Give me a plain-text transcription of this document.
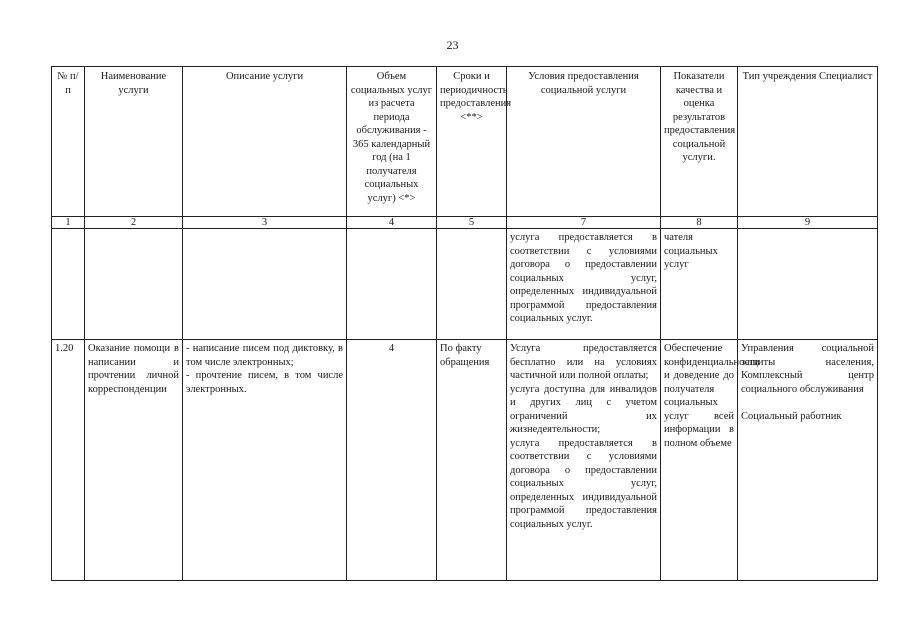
23
№ п/п	Наименование услуги	Описание услуги	Объем социальных услуг из расчета периода обслуживания - 365 календарный год (на 1 получателя социальных услуг) <*>	Сроки и периодичность предоставления <**>	Условия предоставления социальной услуги	Показатели качества и оценка результатов предоставления социальной услуги.	Тип учреждения Специалист
1	2	3	4	5	7	8	9
					услуга предоставляется в соответствии с условиями договора о предоставлении социальных услуг, определенных индивидуальной программой предоставления социальных услуг.	чателя социальных услуг	
1.20	Оказание помощи в написании и прочтении личной корреспонденции	- написание писем под диктовку, в том числе электронных;
- прочтение писем, в том числе электронных.	4	По факту обращения	Услуга предоставляется бесплатно или на условиях частичной или полной оплаты;
услуга доступна для инвалидов и других лиц с учетом ограничений их жизнедеятельности;
услуга предоставляется в соответствии с условиями договора о предоставлении социальных услуг, определенных индивидуальной программой предоставления социальных услуг.	Обеспечение конфиденциальности и доведение до получателя социальных услуг всей информации в полном объеме	Управления социальной защиты населения, Комплексный центр социального обслуживания
Социальный работник
